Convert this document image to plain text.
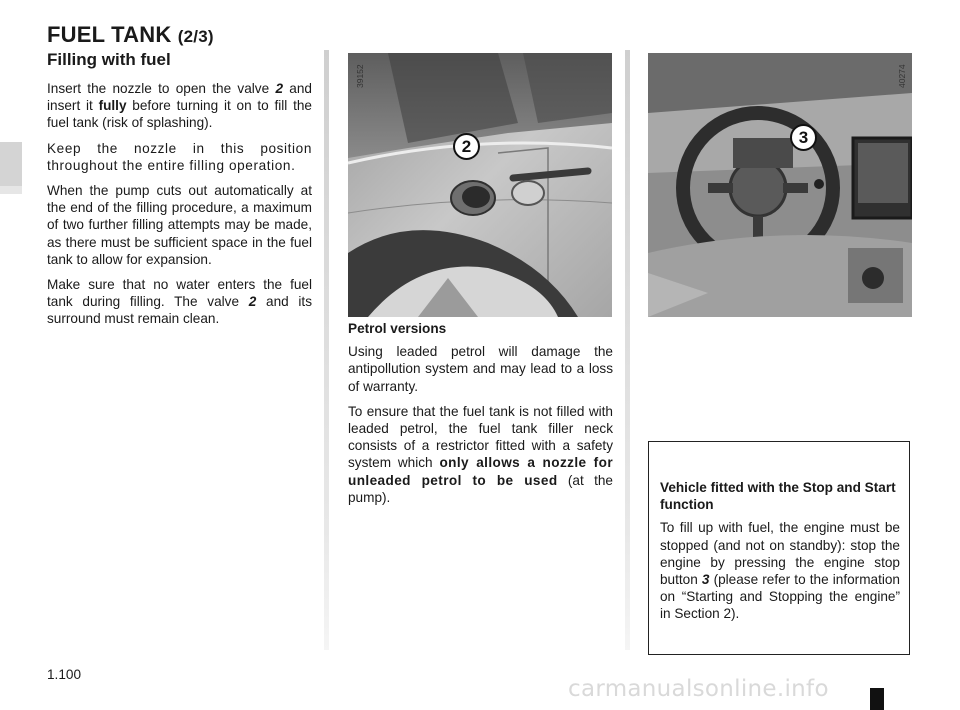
FUEL TANK (2/3)
Filling with fuel

Insert the nozzle to open the valve 2 and insert it fully before turning it on to fill the fuel tank (risk of splashing).

Keep the nozzle in this position throughout the entire filling operation.

When the pump cuts out automatically at the end of the filling procedure, a maximum of two further filling attempts may be made, as there must be sufficient space in the fuel tank to allow for expansion.

Make sure that no water enters the fuel tank during filling. The valve 2 and its surround must remain clean.

39152
2
40274
3
Petrol versions

Using leaded petrol will damage the antipollution system and may lead to a loss of warranty.

To ensure that the fuel tank is not filled with leaded petrol, the fuel tank filler neck consists of a restrictor fitted with a safety system which only allows a nozzle for unleaded petrol to be used (at the pump).

Vehicle fitted with the Stop and Start function

To fill up with fuel, the engine must be stopped (and not on standby): stop the engine by pressing the engine stop button 3 (please refer to the information on “Starting and Stopping the engine” in Section 2).

1.100
carmanualsonline.info
